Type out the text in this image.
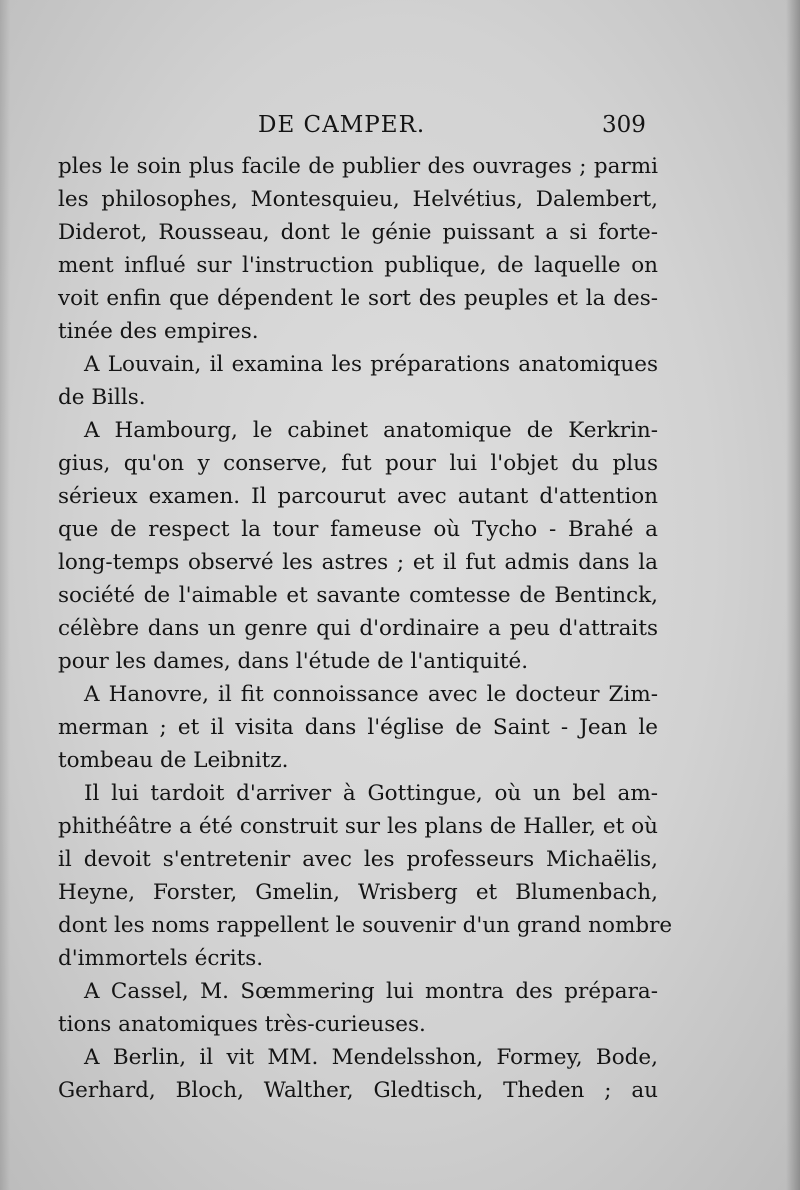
DE CAMPER.	309
ples le soin plus facile de publier des ouvrages ; parmi
les philosophes, Montesquieu, Helvétius, Dalembert,
Diderot, Rousseau, dont le génie puissant a si forte-
ment influé sur l'instruction publique, de laquelle on
voit enfin que dépendent le sort des peuples et la des-
tinée des empires.
A Louvain, il examina les préparations anatomiques
de Bills.
A Hambourg, le cabinet anatomique de Kerkrin-
gius, qu'on y conserve, fut pour lui l'objet du plus
sérieux examen. Il parcourut avec autant d'attention
que de respect la tour fameuse où Tycho - Brahé a
long-temps observé les astres ; et il fut admis dans la
société de l'aimable et savante comtesse de Bentinck,
célèbre dans un genre qui d'ordinaire a peu d'attraits
pour les dames, dans l'étude de l'antiquité.
A Hanovre, il fit connoissance avec le docteur Zim-
merman ; et il visita dans l'église de Saint - Jean le
tombeau de Leibnitz.
Il lui tardoit d'arriver à Gottingue, où un bel am-
phithéâtre a été construit sur les plans de Haller, et où
il devoit s'entretenir avec les professeurs Michaëlis,
Heyne, Forster, Gmelin, Wrisberg et Blumenbach,
dont les noms rappellent le souvenir d'un grand nombre
d'immortels écrits.
A Cassel, M. Sœmmering lui montra des prépara-
tions anatomiques très-curieuses.
A Berlin, il vit MM. Mendelsshon, Formey, Bode,
Gerhard, Bloch, Walther, Gledtisch, Theden ; au
